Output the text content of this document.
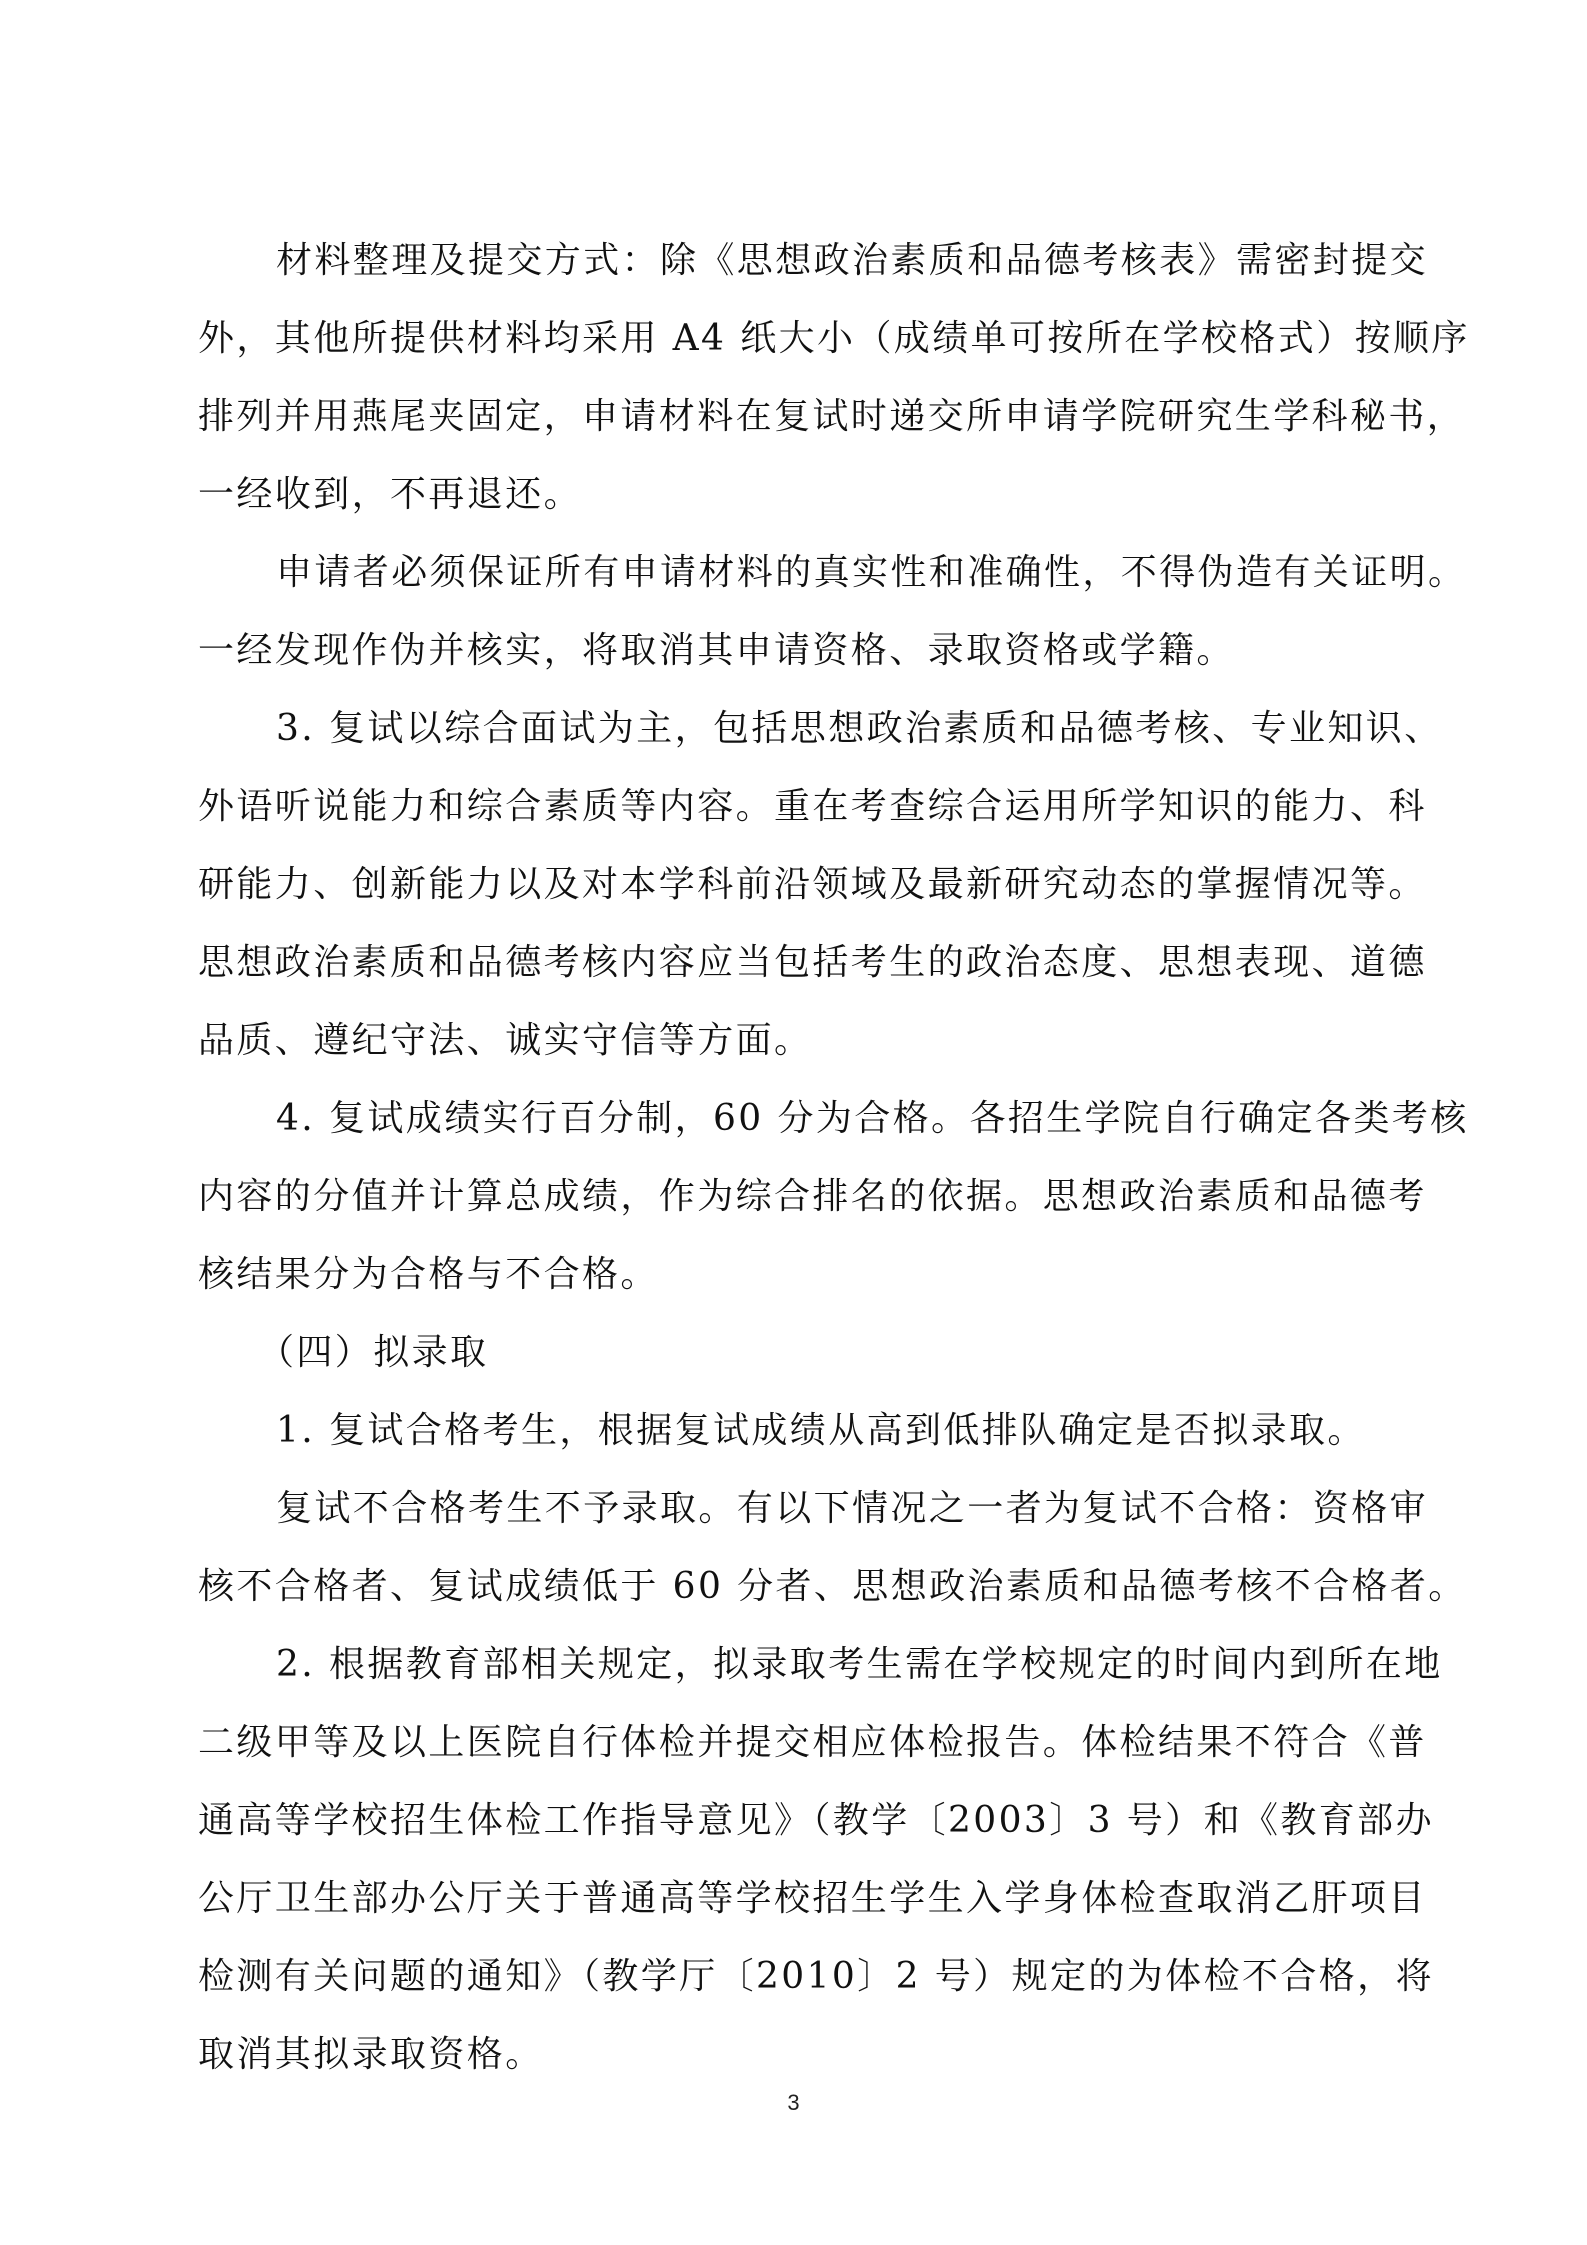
材料整理及提交方式：除《思想政治素质和品德考核表》需密封提交
外，其他所提供材料均采用 A4 纸大小（成绩单可按所在学校格式）按顺序
排列并用燕尾夹固定，申请材料在复试时递交所申请学院研究生学科秘书，
一经收到，不再退还。
申请者必须保证所有申请材料的真实性和准确性，不得伪造有关证明。
一经发现作伪并核实，将取消其申请资格、录取资格或学籍。
3. 复试以综合面试为主，包括思想政治素质和品德考核、专业知识、
外语听说能力和综合素质等内容。重在考查综合运用所学知识的能力、科
研能力、创新能力以及对本学科前沿领域及最新研究动态的掌握情况等。
思想政治素质和品德考核内容应当包括考生的政治态度、思想表现、道德
品质、遵纪守法、诚实守信等方面。
4. 复试成绩实行百分制，60 分为合格。各招生学院自行确定各类考核
内容的分值并计算总成绩，作为综合排名的依据。思想政治素质和品德考
核结果分为合格与不合格。
（四）拟录取
1. 复试合格考生，根据复试成绩从高到低排队确定是否拟录取。
复试不合格考生不予录取。有以下情况之一者为复试不合格：资格审
核不合格者、复试成绩低于 60 分者、思想政治素质和品德考核不合格者。
2. 根据教育部相关规定，拟录取考生需在学校规定的时间内到所在地
二级甲等及以上医院自行体检并提交相应体检报告。体检结果不符合《普
通高等学校招生体检工作指导意见》（教学〔2003〕3 号）和《教育部办
公厅卫生部办公厅关于普通高等学校招生学生入学身体检查取消乙肝项目
检测有关问题的通知》（教学厅〔2010〕2 号）规定的为体检不合格，将
取消其拟录取资格。
3
